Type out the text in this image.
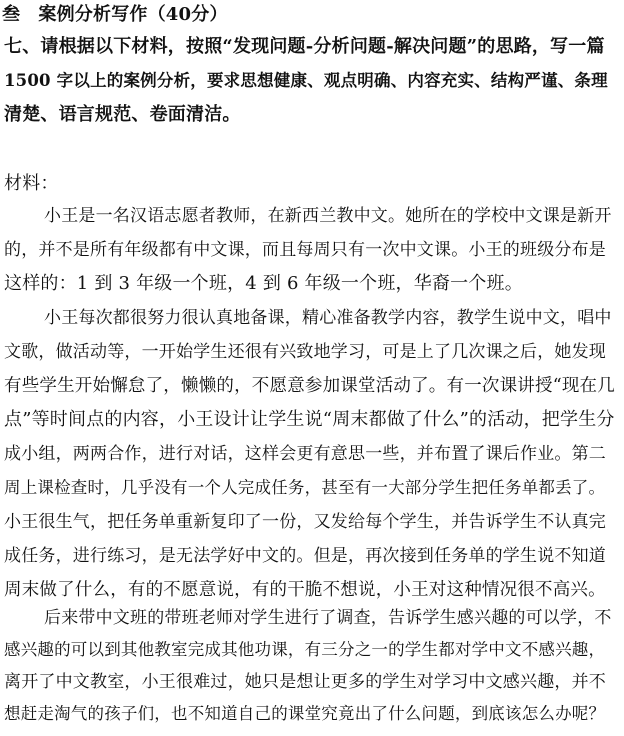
叁　案例分析写作（40分）
七、请根据以下材料，按照“发现问题-分析问题-解决问题”的思路，写一篇
1500 字以上的案例分析，要求思想健康、观点明确、内容充实、结构严谨、条理
清楚、语言规范、卷面清洁。
材料：
小王是一名汉语志愿者教师，在新西兰教中文。她所在的学校中文课是新开
的，并不是所有年级都有中文课，而且每周只有一次中文课。小王的班级分布是
这样的：1 到 3 年级一个班，4 到 6 年级一个班，华裔一个班。
小王每次都很努力很认真地备课，精心准备教学内容，教学生说中文，唱中
文歌，做活动等，一开始学生还很有兴致地学习，可是上了几次课之后，她发现
有些学生开始懈怠了，懒懒的，不愿意参加课堂活动了。有一次课讲授“现在几
点”等时间点的内容，小王设计让学生说“周末都做了什么”的活动，把学生分
成小组，两两合作，进行对话，这样会更有意思一些，并布置了课后作业。第二
周上课检查时，几乎没有一个人完成任务，甚至有一大部分学生把任务单都丢了。
小王很生气，把任务单重新复印了一份，又发给每个学生，并告诉学生不认真完
成任务，进行练习，是无法学好中文的。但是，再次接到任务单的学生说不知道
周末做了什么，有的不愿意说，有的干脆不想说，小王对这种情况很不高兴。
后来带中文班的带班老师对学生进行了调查，告诉学生感兴趣的可以学，不
感兴趣的可以到其他教室完成其他功课，有三分之一的学生都对学中文不感兴趣，
离开了中文教室，小王很难过，她只是想让更多的学生对学习中文感兴趣，并不
想赶走淘气的孩子们，也不知道自己的课堂究竟出了什么问题，到底该怎么办呢？
